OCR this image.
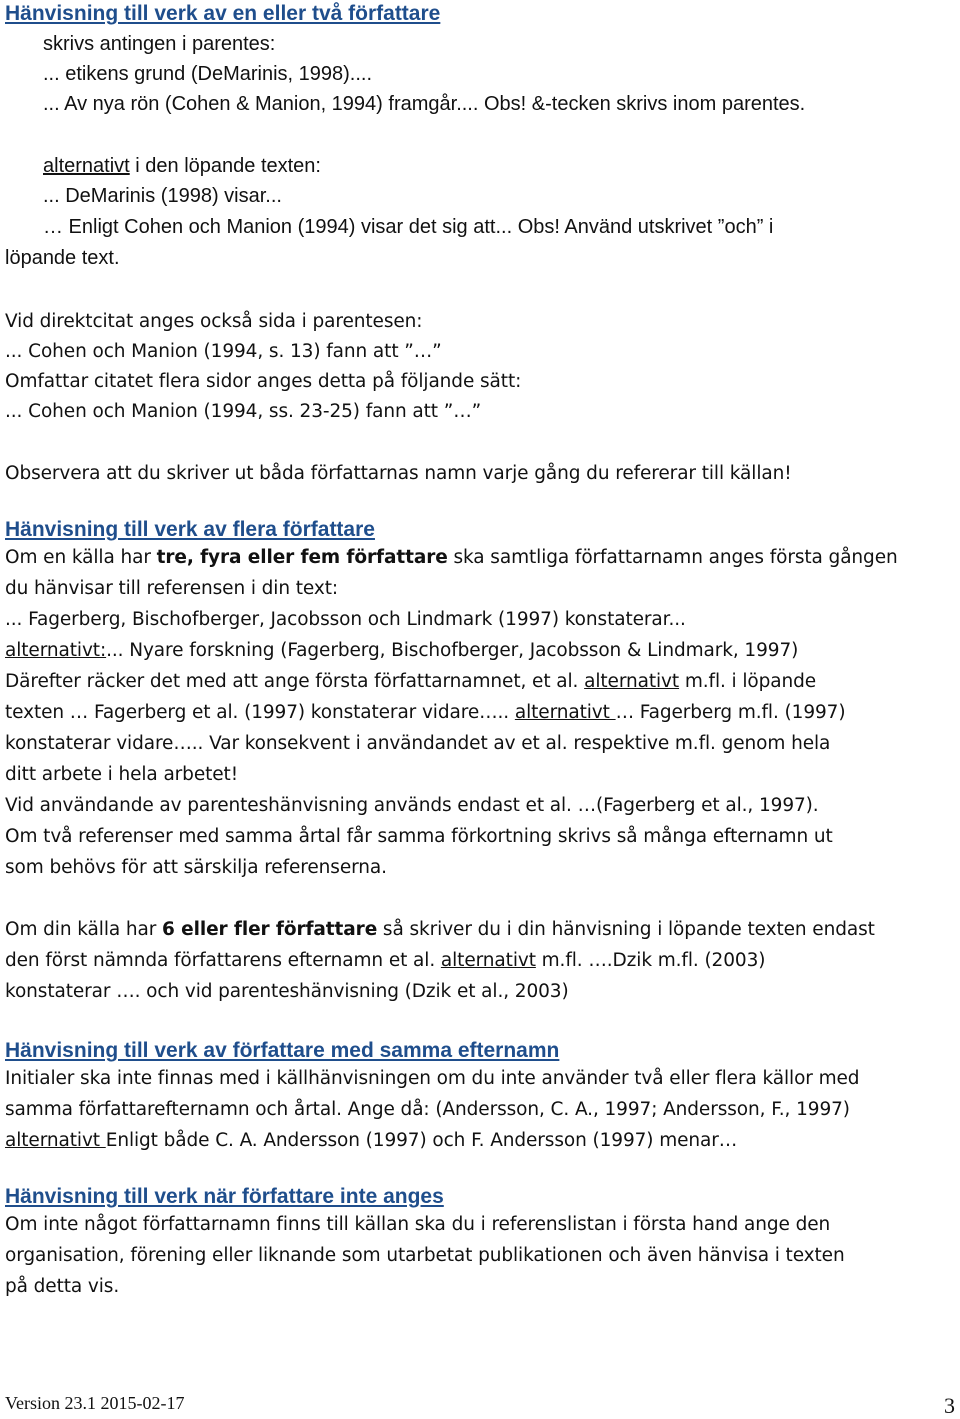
Hänvisning till verk av en eller två författare
skrivs antingen i parentes:
... etikens grund (DeMarinis, 1998)....
... Av nya rön (Cohen & Manion, 1994) framgår.... Obs! &-tecken skrivs inom parentes.
alternativt i den löpande texten:
... DeMarinis (1998) visar...
… Enligt Cohen och Manion (1994) visar det sig att... Obs! Använd utskrivet ”och” i
löpande text.
Vid direktcitat anges också sida i parentesen:
... Cohen och Manion (1994, s. 13) fann att ”…”
Omfattar citatet flera sidor anges detta på följande sätt:
... Cohen och Manion (1994, ss. 23-25) fann att ”…”
Observera att du skriver ut båda författarnas namn varje gång du refererar till källan!
Hänvisning till verk av flera författare
Om en källa har tre, fyra eller fem författare ska samtliga författarnamn anges första gången
du hänvisar till referensen i din text:
... Fagerberg, Bischofberger, Jacobsson och Lindmark (1997) konstaterar...
alternativt:... Nyare forskning (Fagerberg, Bischofberger, Jacobsson & Lindmark, 1997)
Därefter räcker det med att ange första författarnamnet, et al. alternativt m.fl. i löpande
texten … Fagerberg et al. (1997) konstaterar vidare….. alternativt … Fagerberg m.fl. (1997)
konstaterar vidare….. Var konsekvent i användandet av et al. respektive m.fl. genom hela
ditt arbete i hela arbetet!
Vid användande av parenteshänvisning används endast et al. …(Fagerberg et al., 1997).
Om två referenser med samma årtal får samma förkortning skrivs så många efternamn ut
som behövs för att särskilja referenserna.
Om din källa har 6 eller fler författare så skriver du i din hänvisning i löpande texten endast
den först nämnda författarens efternamn et al. alternativt m.fl. ….Dzik m.fl. (2003)
konstaterar …. och vid parenteshänvisning (Dzik et al., 2003)
Hänvisning till verk av författare med samma efternamn
Initialer ska inte finnas med i källhänvisningen om du inte använder två eller flera källor med
samma författarefternamn och årtal. Ange då: (Andersson, C. A., 1997; Andersson, F., 1997)
alternativt Enligt både C. A. Andersson (1997) och F. Andersson (1997) menar…
Hänvisning till verk när författare inte anges
Om inte något författarnamn finns till källan ska du i referenslistan i första hand ange den
organisation, förening eller liknande som utarbetat publikationen och även hänvisa i texten
på detta vis.
Version 23.1 2015-02-17	3
